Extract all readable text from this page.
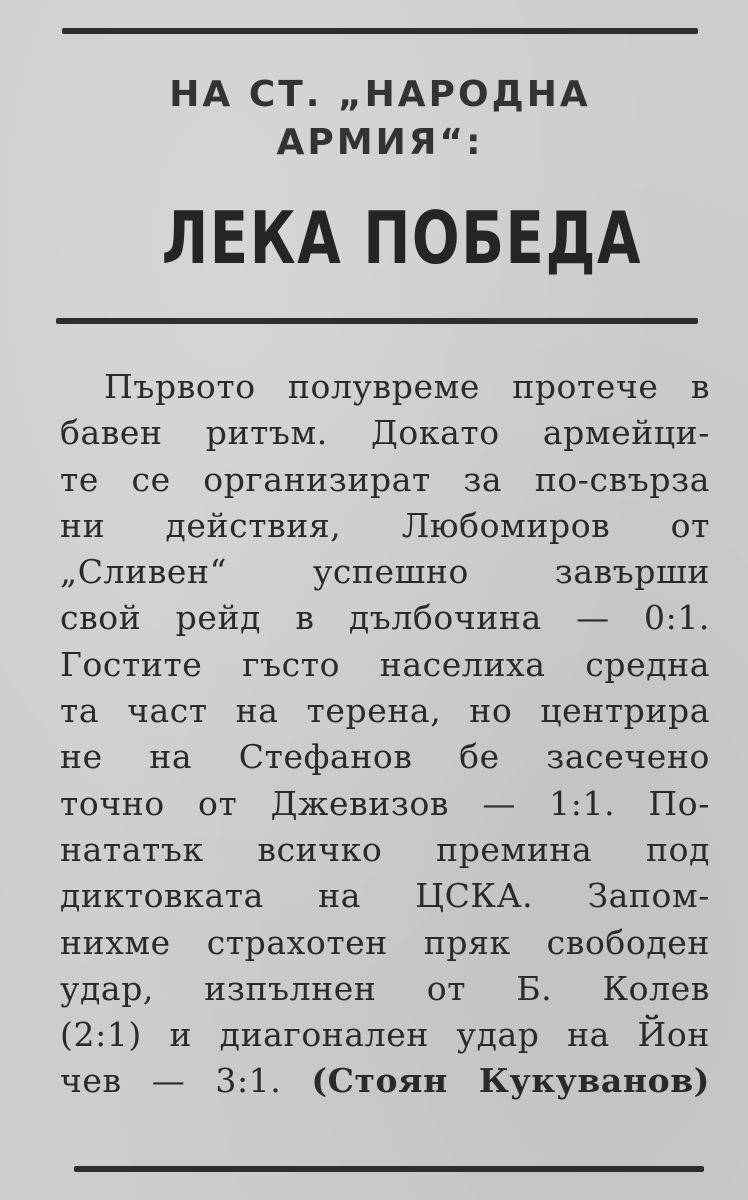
НА СТ. „НАРОДНА
АРМИЯ“:
ЛЕКА ПОБЕДА
Първото полувреме протече в
бавен ритъм. Докато армейци-
те се организират за по-свърза
ни действия, Любомиров от
„Сливен“ успешно завърши
свой рейд в дълбочина — 0:1.
Гостите гъсто населиха средна
та част на терена, но центрира
не на Стефанов бе засечено
точно от Джевизов — 1:1. По-
нататък всичко премина под
диктовката на ЦСКА. Запом-
нихме страхотен пряк свободен
удар, изпълнен от Б. Колев
(2:1) и диагонален удар на Йон
чев — 3:1. (Стоян Кукуванов)
